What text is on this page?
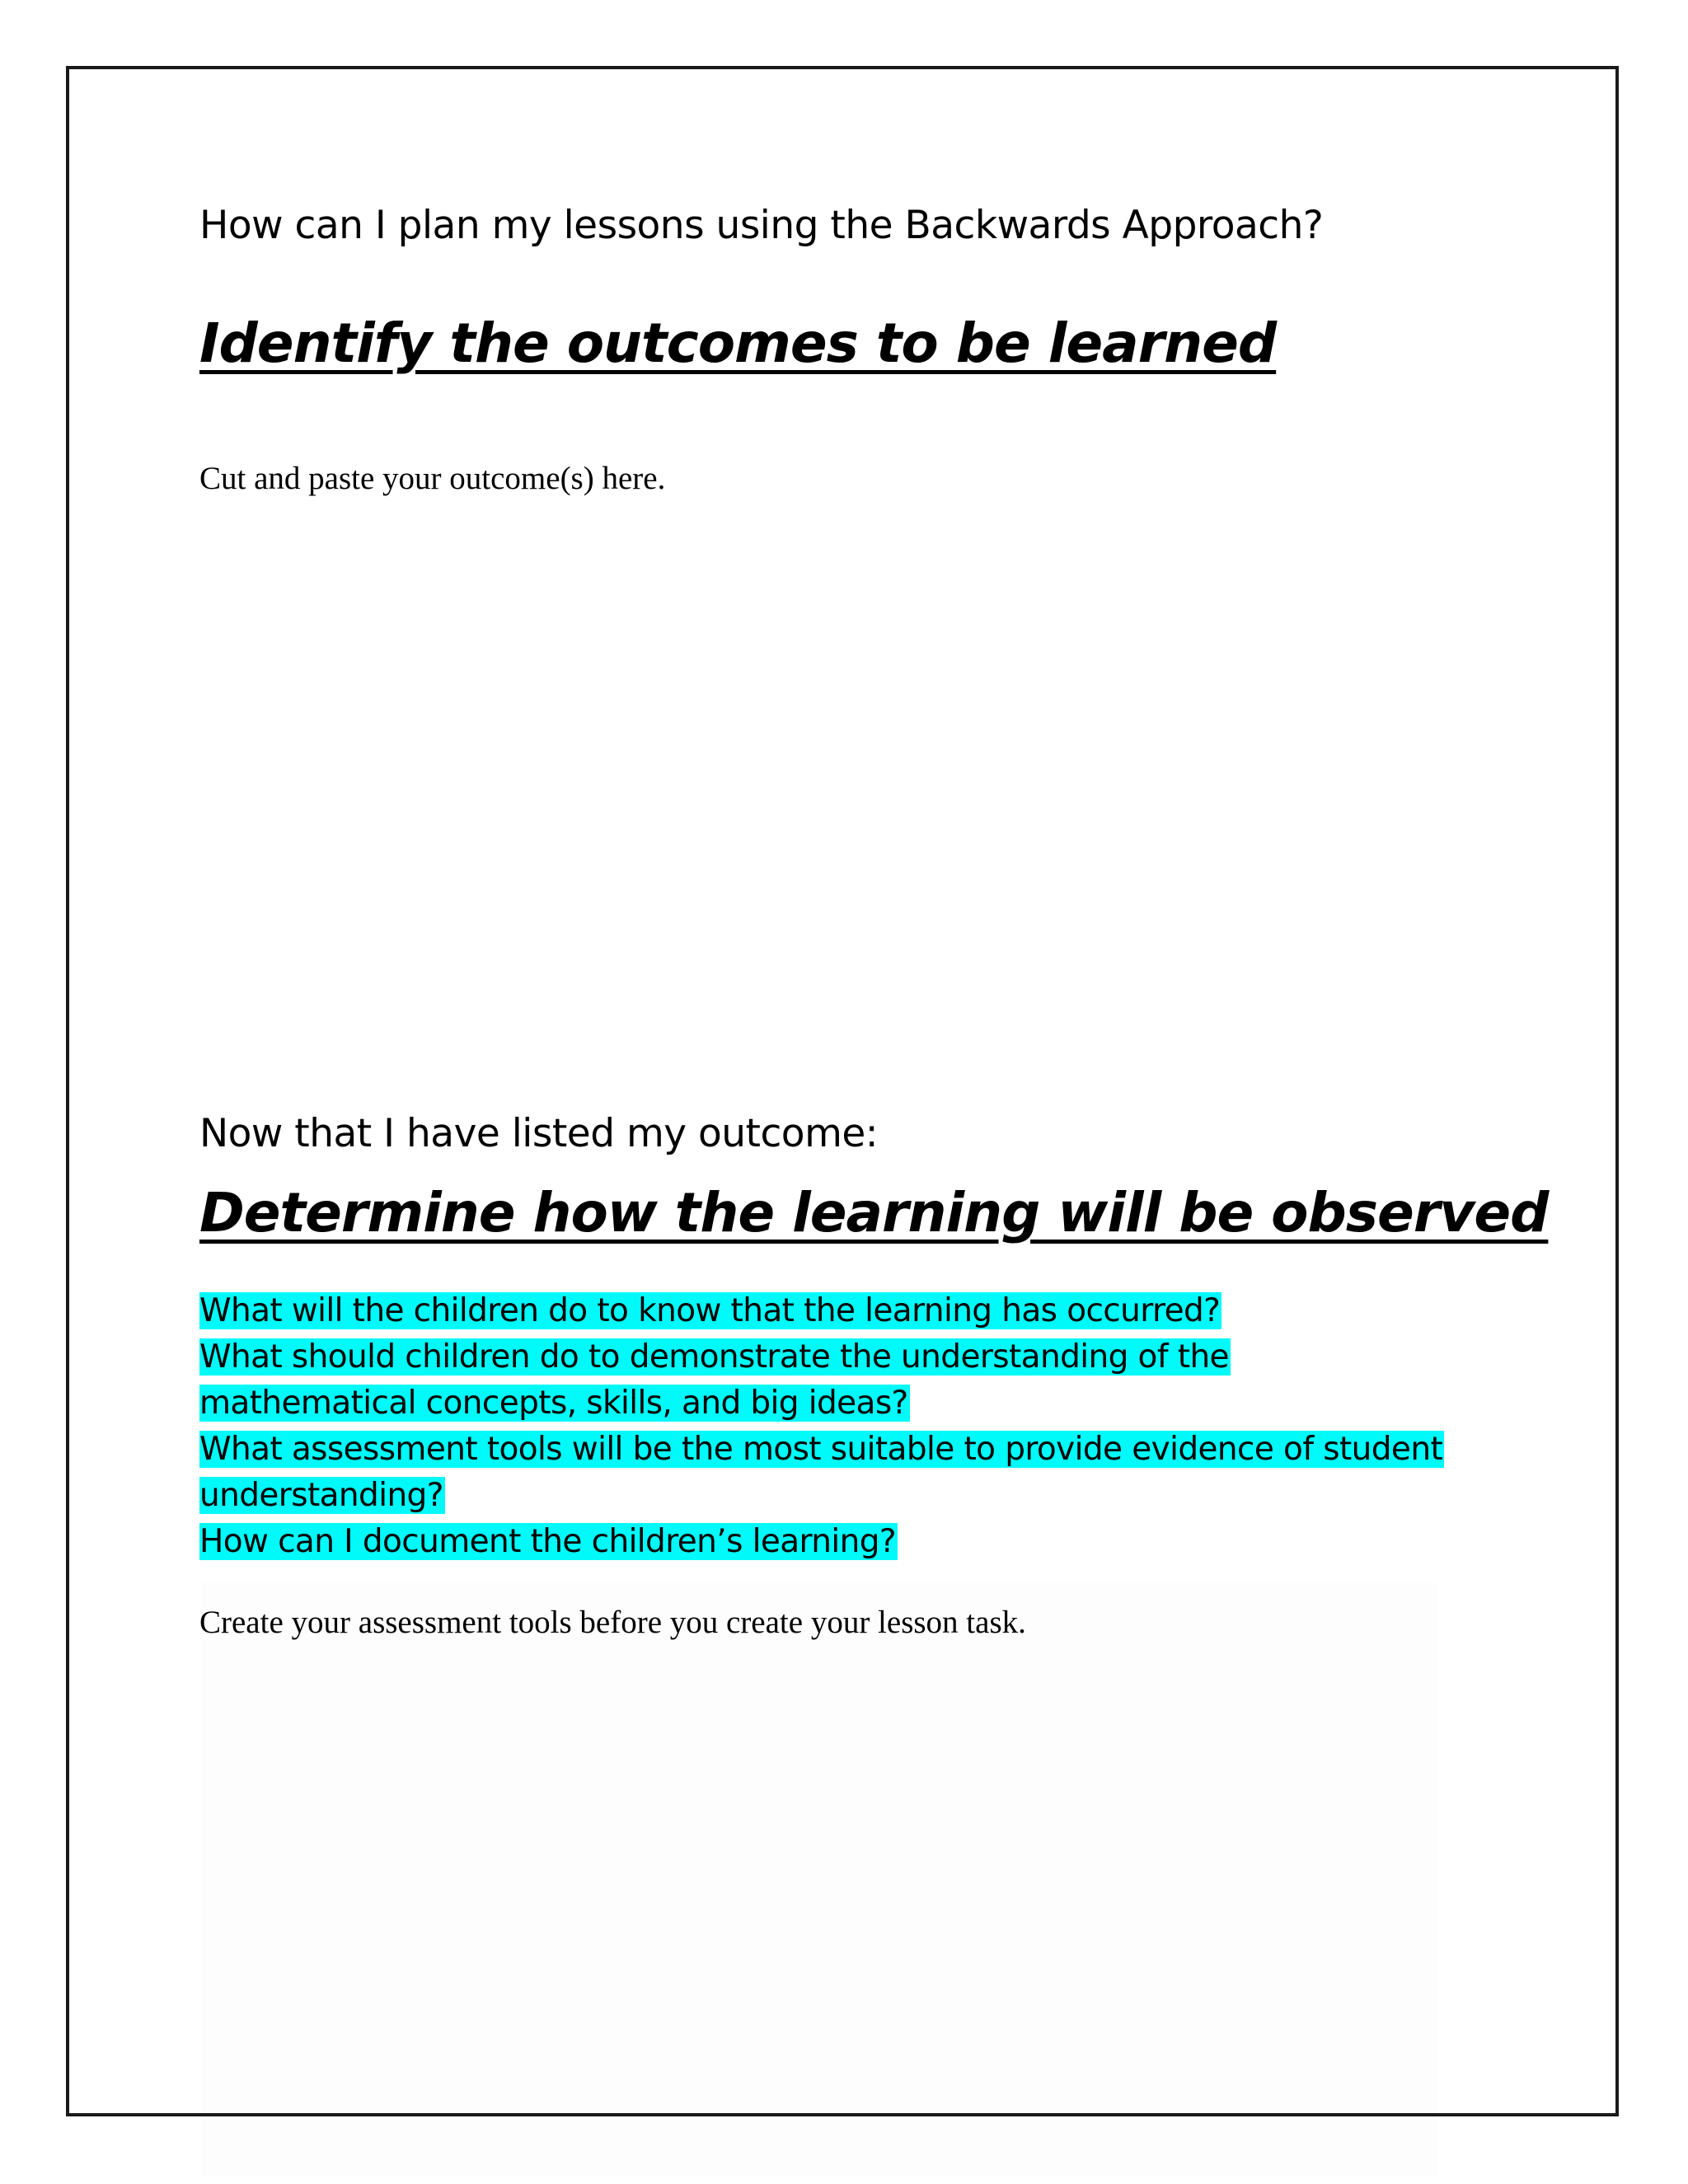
How can I plan my lessons using the Backwards Approach?
Identify the outcomes to be learned
Cut and paste your outcome(s) here.
Now that I have listed my outcome:
Determine how the learning will be observed
What will the children do to know that the learning has occurred?
What should children do to demonstrate the understanding of the mathematical concepts, skills, and big ideas?
What assessment tools will be the most suitable to provide evidence of student understanding?
How can I document the children’s learning?
Create your assessment tools before you create your lesson task.
